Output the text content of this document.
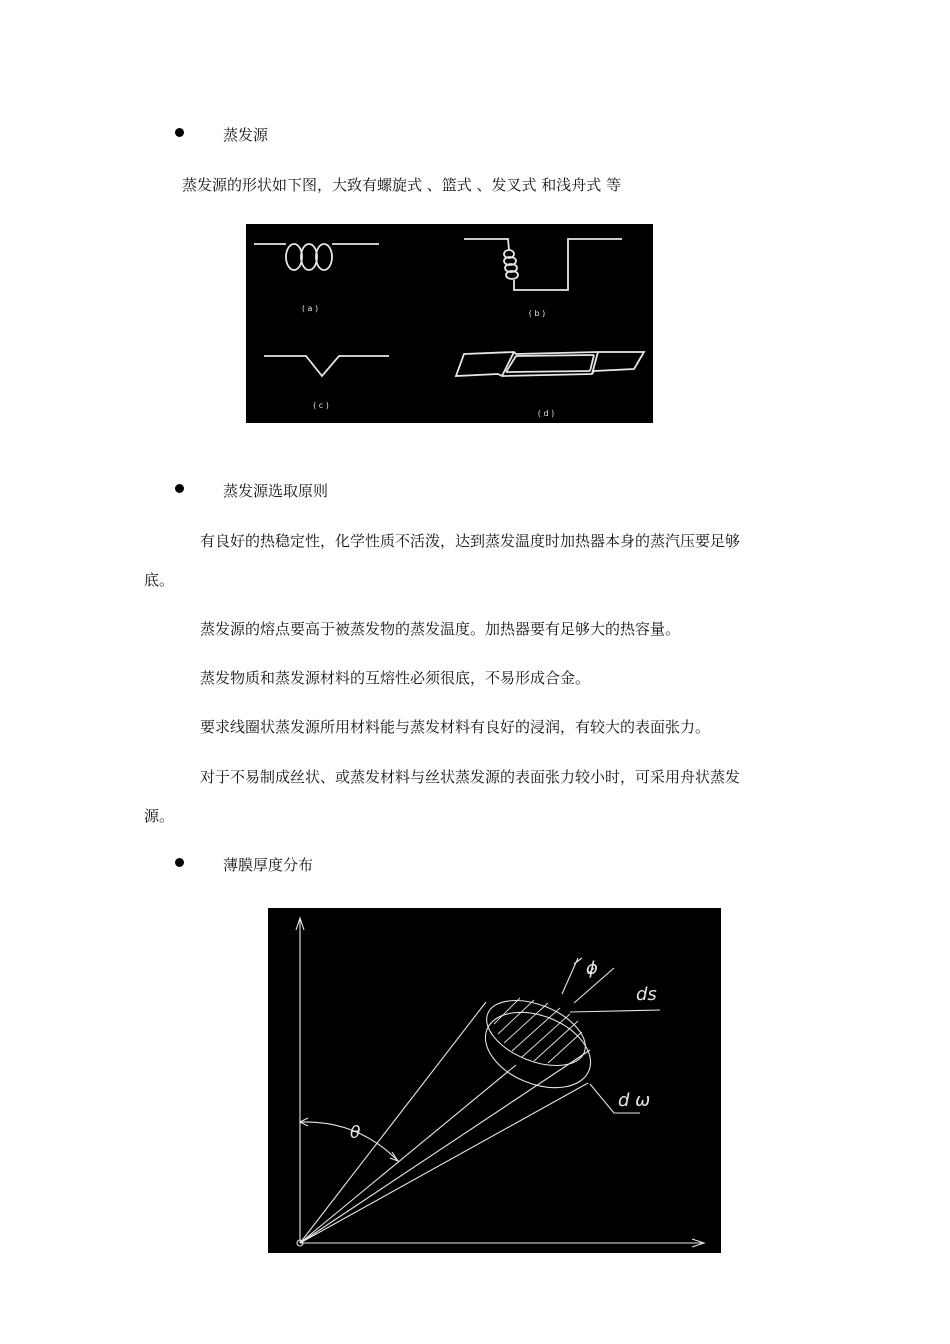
蒸发源
蒸发源的形状如下图，大致有螺旋式 、篮式 、发叉式 和浅舟式 等
( a )
( b )
( c )
( d )
蒸发源选取原则
有良好的热稳定性，化学性质不活泼，达到蒸发温度时加热器本身的蒸汽压要足够
底。
蒸发源的熔点要高于被蒸发物的蒸发温度。加热器要有足够大的热容量。
蒸发物质和蒸发源材料的互熔性必须很底，不易形成合金。
要求线圈状蒸发源所用材料能与蒸发材料有良好的浸润，有较大的表面张力。
对于不易制成丝状、或蒸发材料与丝状蒸发源的表面张力较小时，可采用舟状蒸发
源。
薄膜厚度分布
ϕ
ds
d ω
θ
